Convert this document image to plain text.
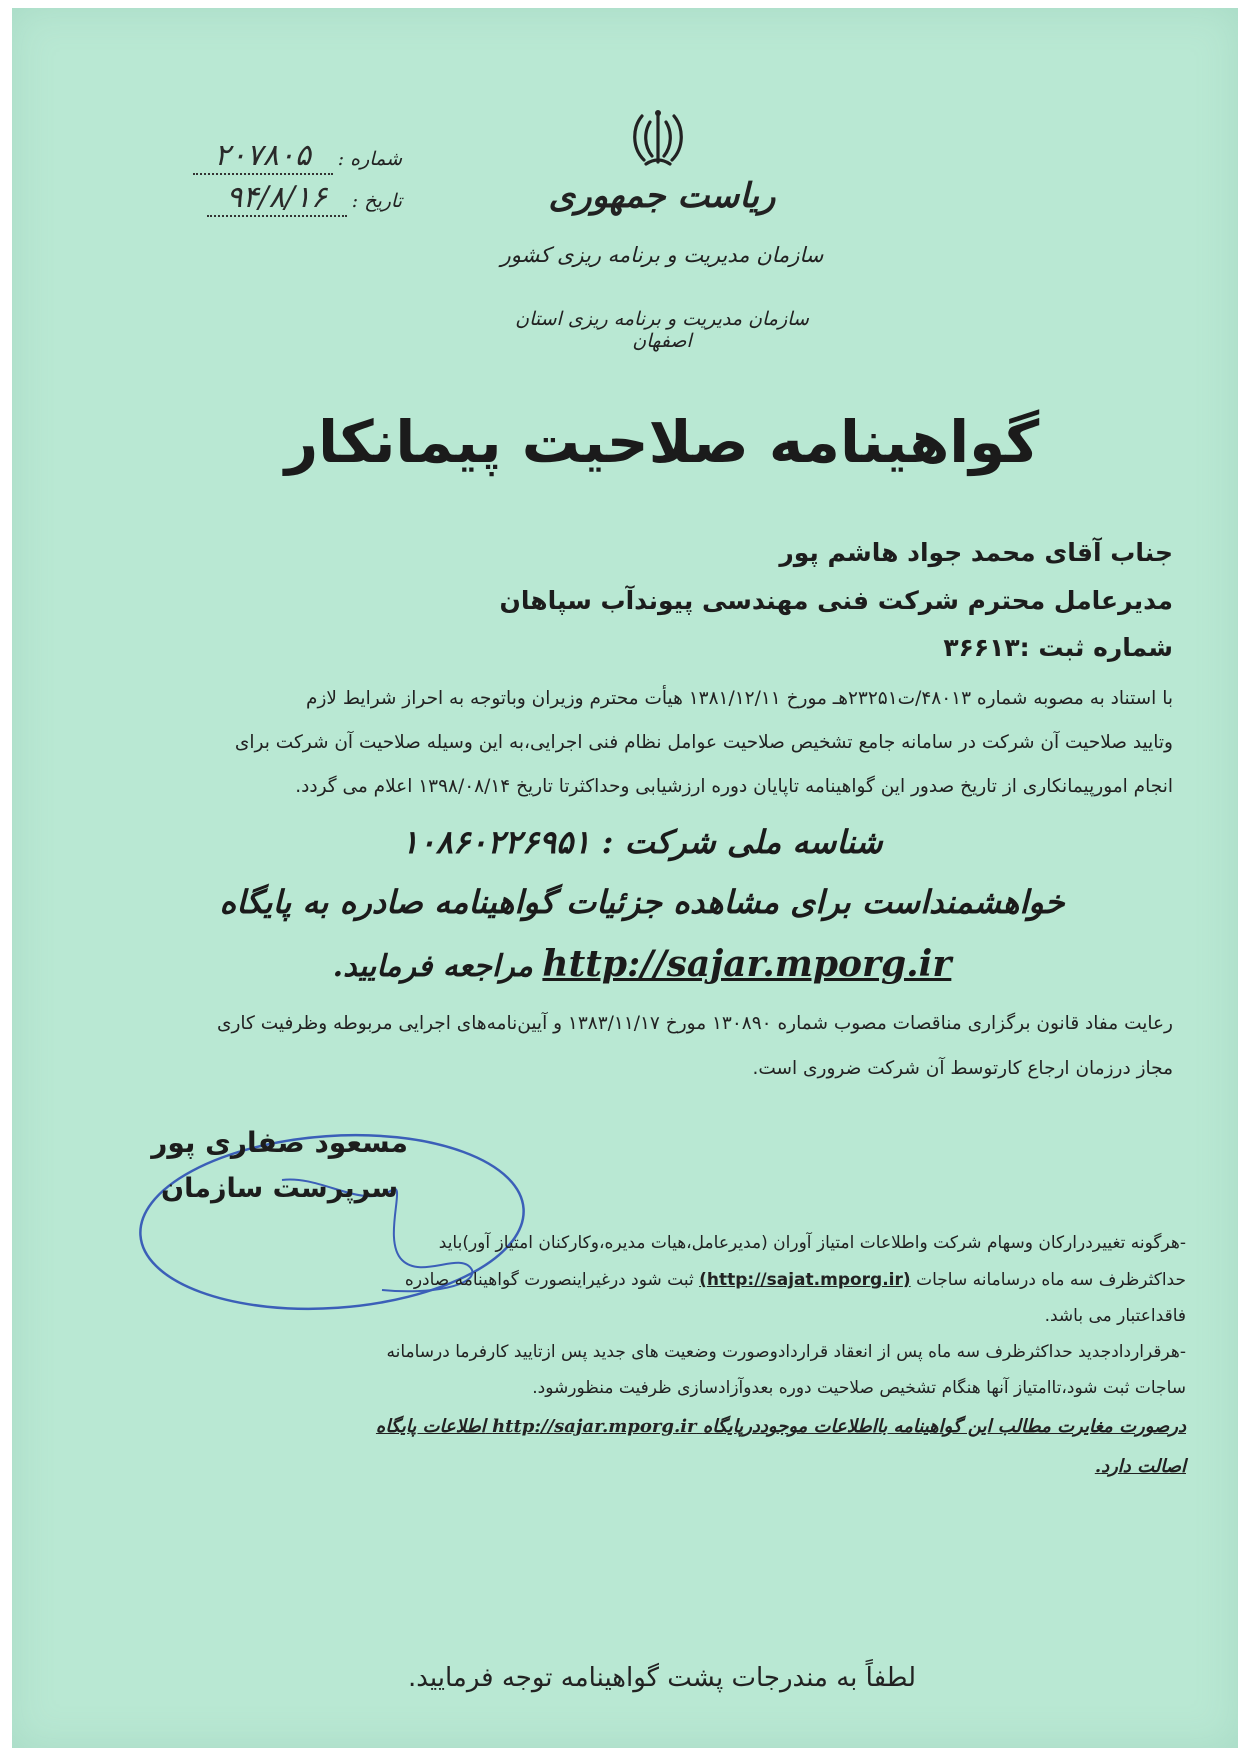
ریاست جمهوری
سازمان مدیریت و برنامه ریزی کشور
سازمان مدیریت و برنامه ریزی استان اصفهان
شماره : ۲۰۷۸۰۵
تاریخ : ۹۴/۸/۱۶
گواهینامه صلاحیت پیمانکار
جناب آقای محمد جواد هاشم پور
مدیرعامل محترم شرکت فنی مهندسی پیوندآب سپاهان
شماره ثبت :۳۶۶۱۳
با استناد به مصوبه شماره ۴۸۰۱۳/ت۲۳۲۵۱هـ مورخ ۱۳۸۱/۱۲/۱۱ هیأت محترم وزیران وباتوجه به احراز شرایط لازم
وتایید صلاحیت آن شرکت در سامانه جامع تشخیص صلاحیت عوامل نظام فنی اجرایی،به این وسیله صلاحیت آن شرکت برای
انجام امورپیمانکاری از تاریخ صدور این گواهینامه تاپایان دوره ارزشیابی وحداکثرتا تاریخ ۱۳۹۸/۰۸/۱۴ اعلام می گردد.
شناسه ملی شرکت : ۱۰۸۶۰۲۲۶۹۵۱
خواهشمنداست برای مشاهده جزئیات گواهینامه صادره به پایگاه
http://sajar.mporg.ir مراجعه فرمایید.
رعایت مفاد قانون برگزاری مناقصات مصوب شماره ۱۳۰۸۹۰ مورخ ۱۳۸۳/۱۱/۱۷ و آیین‌نامه‌های اجرایی مربوطه وظرفیت کاری
مجاز درزمان ارجاع کارتوسط آن شرکت ضروری است.
مسعود صفاری پور
سرپرست سازمان
-هرگونه تغییردرارکان وسهام شرکت واطلاعات امتیاز آوران (مدیرعامل،هیات مدیره،وکارکنان امتیاز آور)باید
حداکثرظرف سه ماه درسامانه ساجات (http://sajat.mporg.ir) ثبت شود درغیراینصورت گواهینامه صادره
فاقداعتبار می باشد.
-هرقراردادجدید حداکثرظرف سه ماه پس از انعقاد قراردادوصورت وضعیت های جدید پس ازتایید کارفرما درسامانه
ساجات ثبت شود،تاامتیاز آنها هنگام تشخیص صلاحیت دوره بعدوآزادسازی ظرفیت منظورشود.
درصورت مغایرت مطالب این گواهینامه بااطلاعات موجوددرپایگاه http://sajar.mporg.ir اطلاعات پایگاه
اصالت دارد.
لطفاً به مندرجات پشت گواهینامه توجه فرمایید.
